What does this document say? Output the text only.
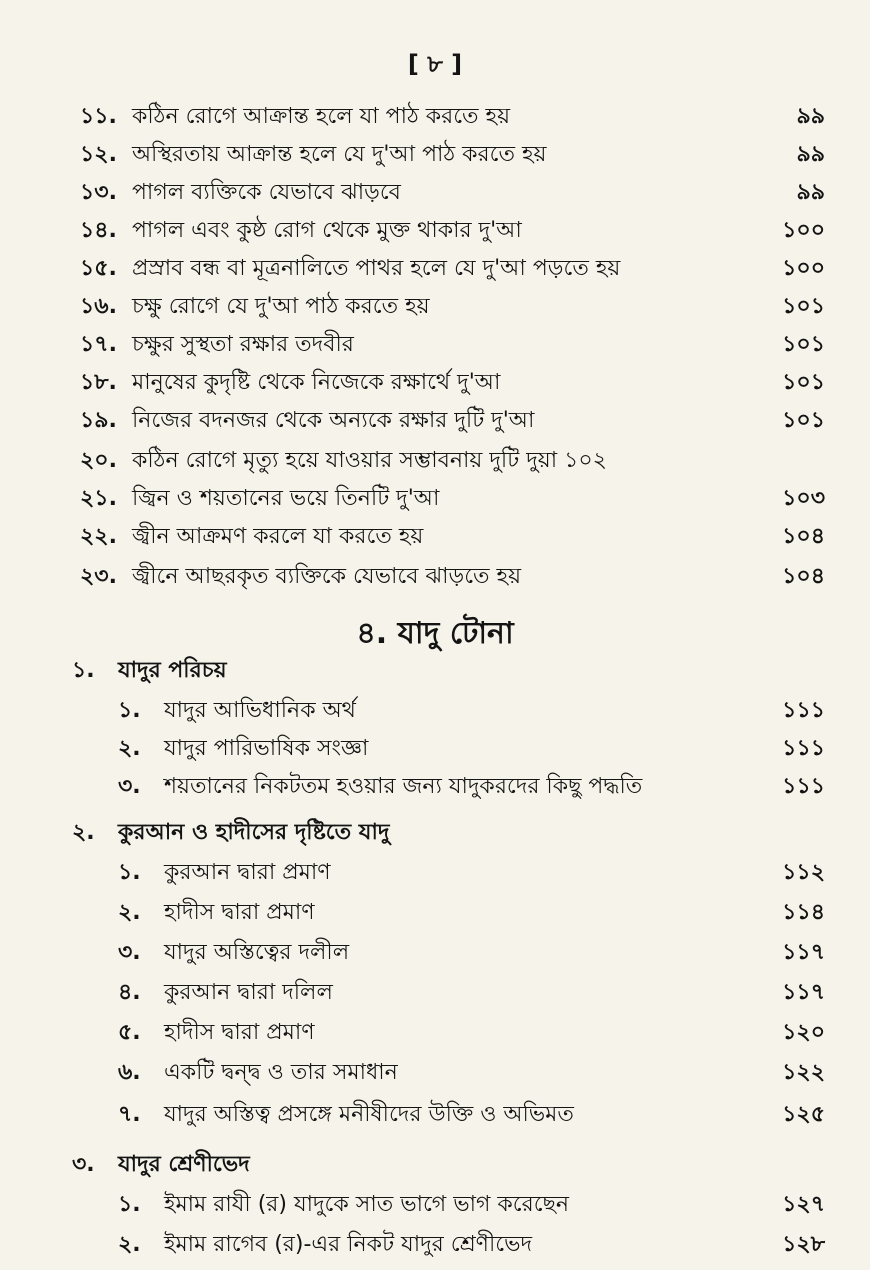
[ ৮ ]
১১. কঠিন রোগে আক্রান্ত হলে যা পাঠ করতে হয়	৯৯
১২. অস্থিরতায় আক্রান্ত হলে যে দু'আ পাঠ করতে হয়	৯৯
১৩. পাগল ব্যক্তিকে যেভাবে ঝাড়বে	৯৯
১৪. পাগল এবং কুষ্ঠ রোগ থেকে মুক্ত থাকার দু'আ	১০০
১৫. প্রস্রাব বন্ধ বা মূত্রনালিতে পাথর হলে যে দু'আ পড়তে হয়	১০০
১৬. চক্ষু রোগে যে দু'আ পাঠ করতে হয়	১০১
১৭. চক্ষুর সুস্থতা রক্ষার তদবীর	১০১
১৮. মানুষের কুদৃষ্টি থেকে নিজেকে রক্ষার্থে দু'আ	১০১
১৯. নিজের বদনজর থেকে অন্যকে রক্ষার দুটি দু'আ	১০১
২০. কঠিন রোগে মৃত্যু হয়ে যাওয়ার সম্ভাবনায় দুটি দুয়া ১০২
২১. জ্বিন ও শয়তানের ভয়ে তিনটি দু'আ	১০৩
২২. জ্বীন আক্রমণ করলে যা করতে হয়	১০৪
২৩. জ্বীনে আছরকৃত ব্যক্তিকে যেভাবে ঝাড়তে হয়	১০৪
৪. যাদু টোনা
১. যাদুর পরিচয়
১. যাদুর আভিধানিক অর্থ	১১১
২. যাদুর পারিভাষিক সংজ্ঞা	১১১
৩. শয়তানের নিকটতম হওয়ার জন্য যাদুকরদের কিছু পদ্ধতি	১১১
২. কুরআন ও হাদীসের দৃষ্টিতে যাদু
১. কুরআন দ্বারা প্রমাণ	১১২
২. হাদীস দ্বারা প্রমাণ	১১৪
৩. যাদুর অস্তিত্বের দলীল	১১৭
৪. কুরআন দ্বারা দলিল	১১৭
৫. হাদীস দ্বারা প্রমাণ	১২০
৬. একটি দ্বন্দ্ব ও তার সমাধান	১২২
৭. যাদুর অস্তিত্ব প্রসঙ্গে মনীষীদের উক্তি ও অভিমত	১২৫
৩. যাদুর শ্রেণীভেদ
১. ইমাম রাযী (র) যাদুকে সাত ভাগে ভাগ করেছেন	১২৭
২. ইমাম রাগেব (র)-এর নিকট যাদুর শ্রেণীভেদ	১২৮
